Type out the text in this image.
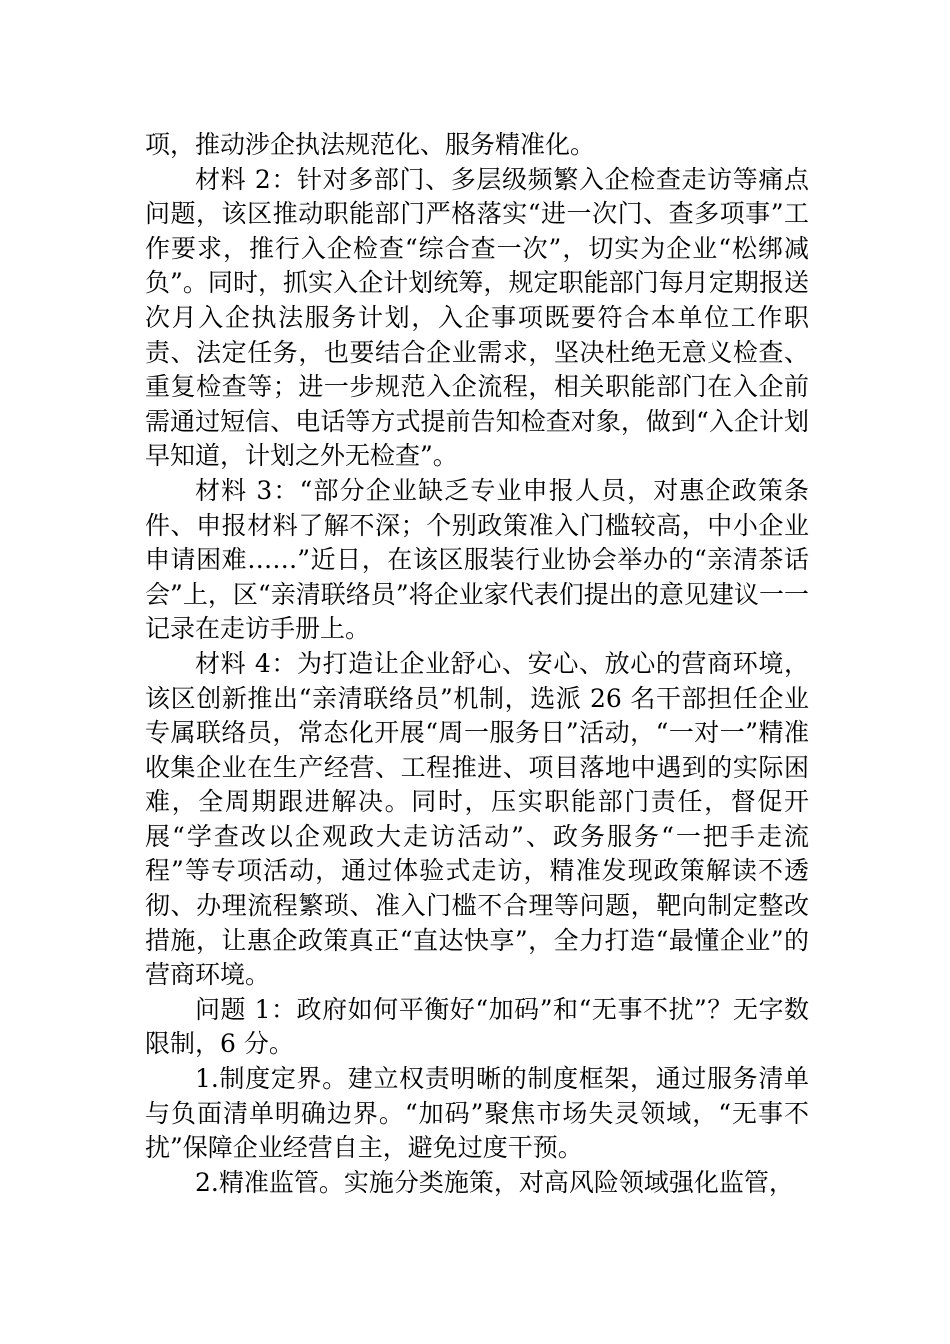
项，推动涉企执法规范化、服务精准化。

材料 2：针对多部门、多层级频繁入企检查走访等痛点问题，该区推动职能部门严格落实“进一次门、查多项事”工作要求，推行入企检查“综合查一次”，切实为企业“松绑减负”。同时，抓实入企计划统筹，规定职能部门每月定期报送次月入企执法服务计划，入企事项既要符合本单位工作职责、法定任务，也要结合企业需求，坚决杜绝无意义检查、重复检查等；进一步规范入企流程，相关职能部门在入企前需通过短信、电话等方式提前告知检查对象，做到“入企计划早知道，计划之外无检查”。

材料 3：“部分企业缺乏专业申报人员，对惠企政策条件、申报材料了解不深；个别政策准入门槛较高，中小企业申请困难……”近日，在该区服装行业协会举办的“亲清茶话会”上，区“亲清联络员”将企业家代表们提出的意见建议一一记录在走访手册上。

材料 4：为打造让企业舒心、安心、放心的营商环境，该区创新推出“亲清联络员”机制，选派 26 名干部担任企业专属联络员，常态化开展“周一服务日”活动，“一对一”精准收集企业在生产经营、工程推进、项目落地中遇到的实际困难，全周期跟进解决。同时，压实职能部门责任，督促开展“学查改以企观政大走访活动”、政务服务“一把手走流程”等专项活动，通过体验式走访，精准发现政策解读不透彻、办理流程繁琐、准入门槛不合理等问题，靶向制定整改措施，让惠企政策真正“直达快享”，全力打造“最懂企业”的营商环境。

问题 1：政府如何平衡好“加码”和“无事不扰”？无字数限制，6 分。

1.制度定界。建立权责明晰的制度框架，通过服务清单与负面清单明确边界。“加码”聚焦市场失灵领域，“无事不扰”保障企业经营自主，避免过度干预。

2.精准监管。实施分类施策，对高风险领域强化监管，
